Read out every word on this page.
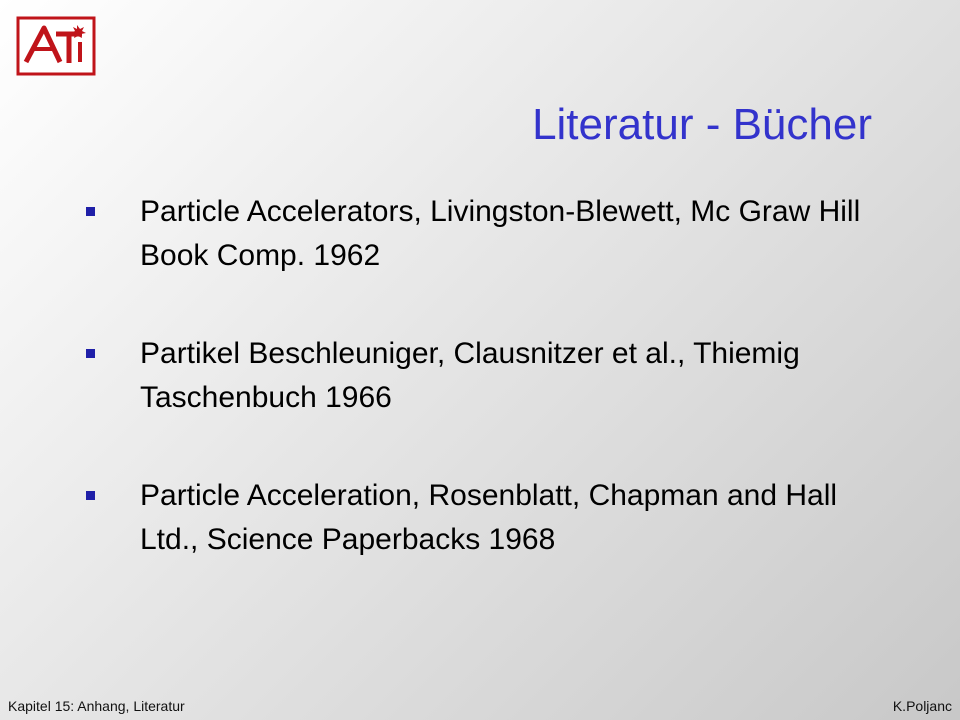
Literatur - Bücher
Particle Accelerators, Livingston-Blewett, Mc Graw Hill Book Comp. 1962
Partikel Beschleuniger, Clausnitzer et al., Thiemig Taschenbuch 1966
Particle Acceleration, Rosenblatt, Chapman and Hall Ltd., Science Paperbacks 1968
Kapitel 15: Anhang, Literatur	K.Poljanc
